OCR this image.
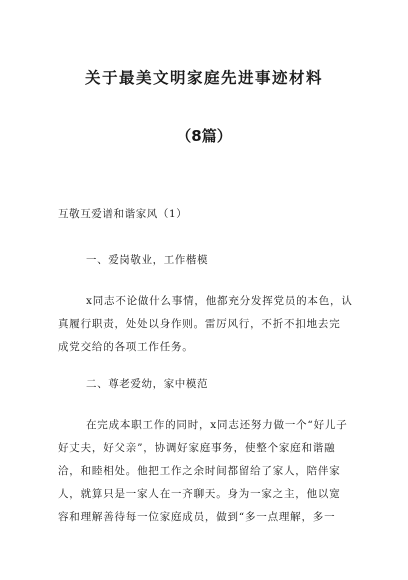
关于最美文明家庭先进事迹材料
（8篇）
互敬互爱谱和谐家风（1）
一、爱岗敬业，工作楷模
x同志不论做什么事情，他都充分发挥党员的本色，认
真履行职责，处处以身作则。雷厉风行，不折不扣地去完
成党交给的各项工作任务。
二、尊老爱幼，家中模范
在完成本职工作的同时，x同志还努力做一个“好儿子
好丈夫，好父亲”，协调好家庭事务，使整个家庭和谐融
洽，和睦相处。他把工作之余时间都留给了家人，陪伴家
人，就算只是一家人在一齐聊天。身为一家之主，他以宽
容和理解善待每一位家庭成员，做到“多一点理解，多一
